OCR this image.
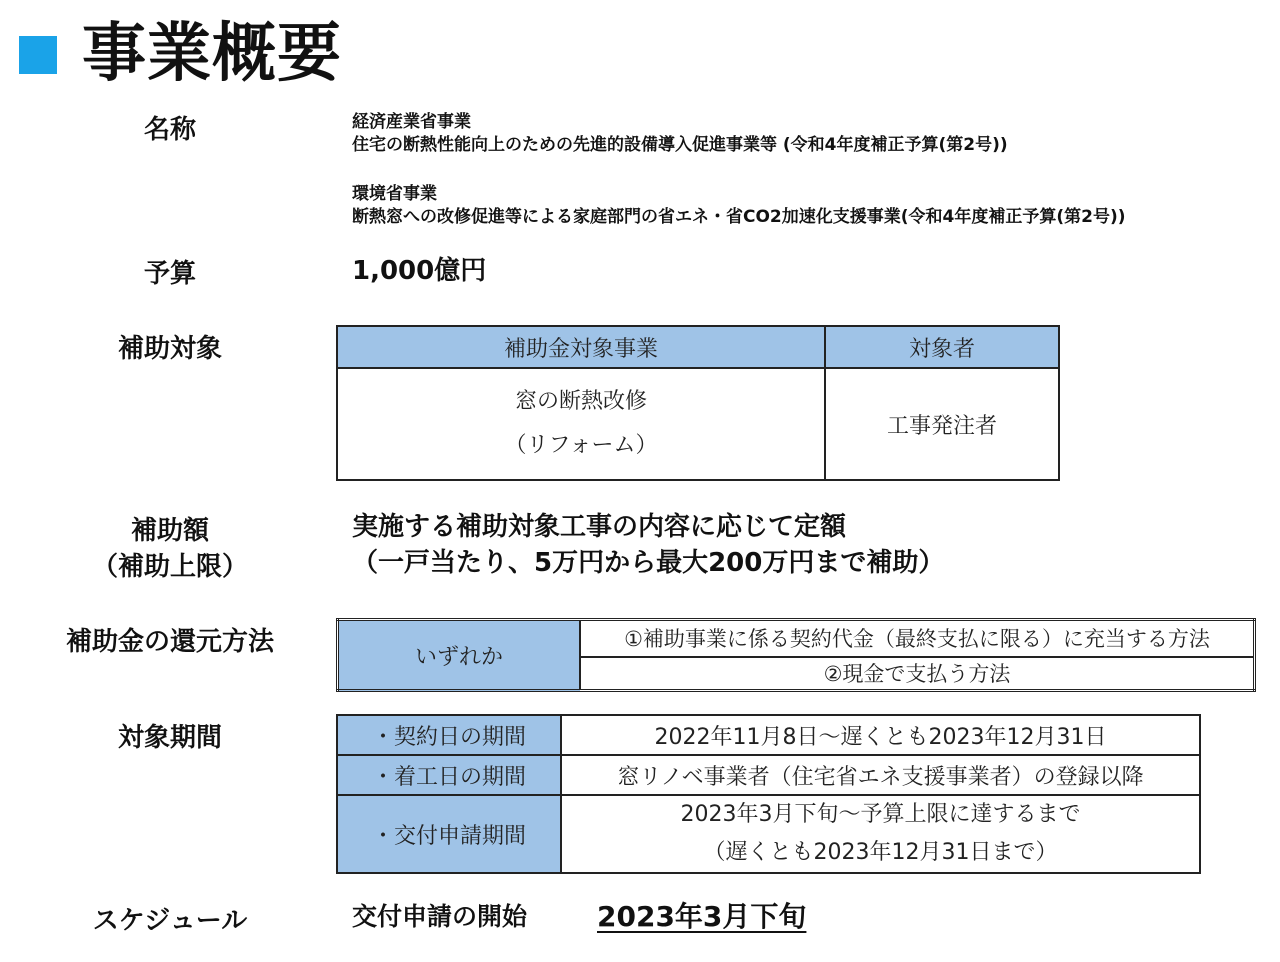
事業概要
名称	経済産業省事業
住宅の断熱性能向上のための先進的設備導入促進事業等 (令和4年度補正予算(第2号))
環境省事業
断熱窓への改修促進等による家庭部門の省エネ・省CO2加速化支援事業(令和4年度補正予算(第2号))
予算	1,000億円
補助対象	補助金対象事業	対象者

窓の断熱改修
（リフォーム）	工事発注者
補助額
（補助上限）
実施する補助対象工事の内容に応じて定額
（一戸当たり、5万円から最大200万円まで補助）
補助金の還元方法	いずれか	①補助事業に係る契約代金（最終支払に限る）に充当する方法
②現金で支払う方法
対象期間	・契約日の期間	2022年11月8日～遅くとも2023年12月31日
・着工日の期間	窓リノベ事業者（住宅省エネ支援事業者）の登録以降
・交付申請期間	2023年3月下旬～予算上限に達するまで
（遅くとも2023年12月31日まで）
スケジュール	交付申請の開始 2023年3月下旬
